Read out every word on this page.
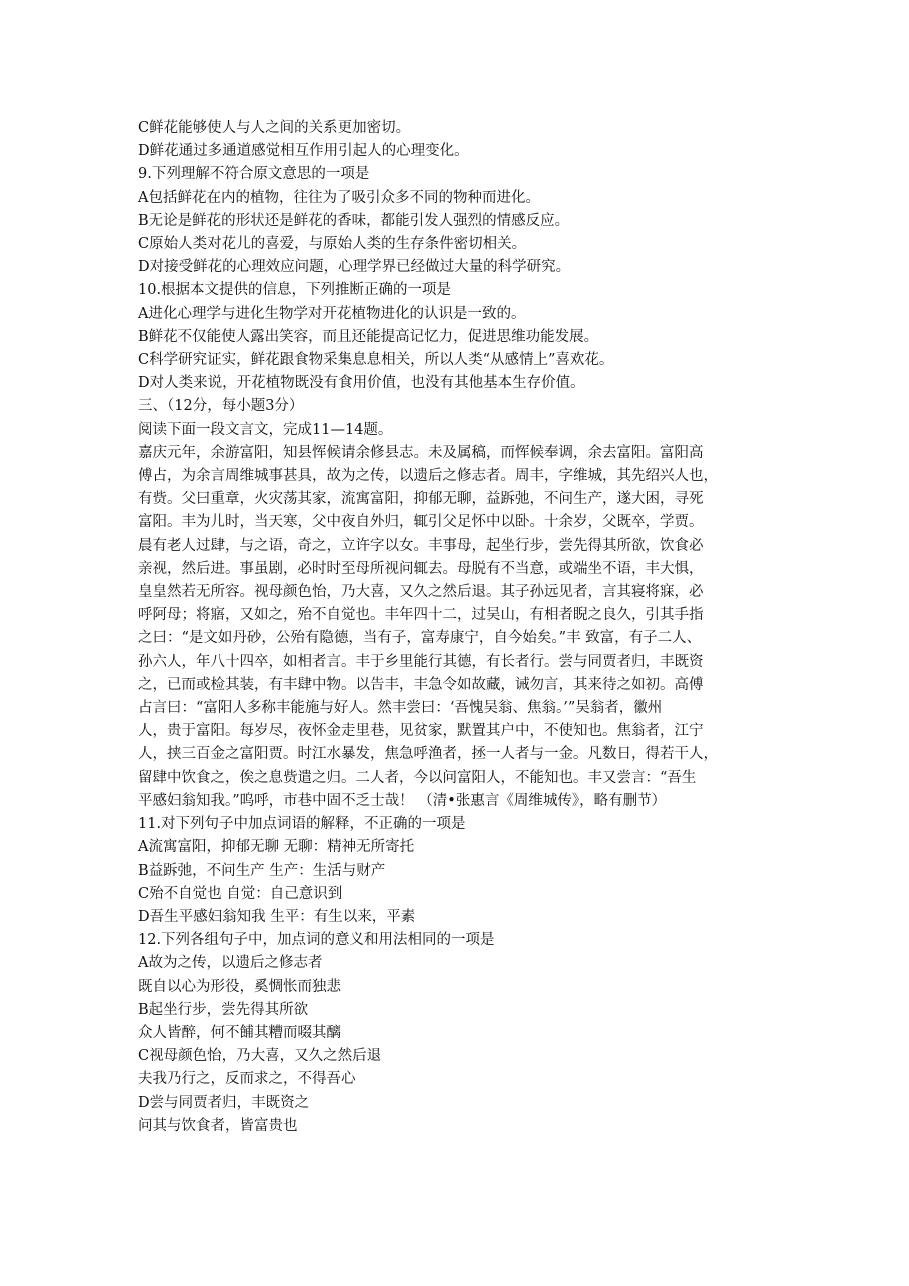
C鲜花能够使人与人之间的关系更加密切。
D鲜花通过多通道感觉相互作用引起人的心理变化。
9.下列理解不符合原文意思的一项是
A包括鲜花在内的植物，往往为了吸引众多不同的物种而进化。
B无论是鲜花的形状还是鲜花的香味，都能引发人强烈的情感反应。
C原始人类对花儿的喜爱，与原始人类的生存条件密切相关。
D对接受鲜花的心理效应问题，心理学界已经做过大量的科学研究。
10.根据本文提供的信息，下列推断正确的一项是
A进化心理学与进化生物学对开花植物进化的认识是一致的。
B鲜花不仅能使人露出笑容，而且还能提高记忆力，促进思维功能发展。
C科学研究证实，鲜花跟食物采集息息相关，所以人类“从感情上”喜欢花。
D对人类来说，开花植物既没有食用价值，也没有其他基本生存价值。
三、（12分，每小题3分）
阅读下面一段文言文，完成11—14题。
嘉庆元年，余游富阳，知县恽候请余修县志。未及属稿，而恽候奉调，余去富阳。富阳高
傅占，为余言周维城事甚具，故为之传，以遗后之修志者。周丰，字维城，其先绍兴人也，
有赀。父曰重章，火灾荡其家，流寓富阳，抑郁无聊，益跅弛，不问生产，遂大困，寻死
富阳。丰为儿时，当天寒，父中夜自外归，辄引父足怀中以卧。十余岁，父既卒，学贾。
晨有老人过肆，与之语，奇之，立许字以女。丰事母，起坐行步，尝先得其所欲，饮食必
亲视，然后进。事虽剧，必时时至母所视问辄去。母脱有不当意，或端坐不语，丰大惧，
皇皇然若无所容。视母颜色怡，乃大喜，又久之然后退。其子孙远见者，言其寝将寐，必
呼阿母；将寤，又如之，殆不自觉也。丰年四十二，过吴山，有相者睨之良久，引其手指
之曰：“是文如丹砂，公殆有隐德，当有子，富寿康宁，自今始矣。”丰 致富，有子二人、
孙六人，年八十四卒，如相者言。丰于乡里能行其德，有长者行。尝与同贾者归，丰既资
之，已而或检其装，有丰肆中物。以告丰，丰急令如故藏，诫勿言，其来待之如初。高傅
占言曰：“富阳人多称丰能施与好人。然丰尝曰：‘吾愧吴翁、焦翁。’”吴翁者，徽州
人，贵于富阳。每岁尽，夜怀金走里巷，见贫家，默置其户中，不使知也。焦翁者，江宁
人，挟三百金之富阳贾。时江水暴发，焦急呼渔者，拯一人者与一金。凡数日，得若干人，
留肆中饮食之，俟之息赀遣之归。二人者，今以问富阳人，不能知也。丰又尝言：“吾生
平感妇翁知我。”呜呼，市巷中固不乏士哉！ （清•张惠言《周维城传》，略有删节）
11.对下列句子中加点词语的解释，不正确的一项是
A流寓富阳，抑郁无聊 无聊：精神无所寄托
B益跅弛，不问生产 生产：生活与财产
C殆不自觉也 自觉：自己意识到
D吾生平感妇翁知我 生平：有生以来，平素
12.下列各组句子中，加点词的意义和用法相同的一项是
A故为之传，以遗后之修志者
既自以心为形役，奚惆怅而独悲
B起坐行步，尝先得其所欲
众人皆醉，何不餔其糟而啜其醨
C视母颜色怡，乃大喜，又久之然后退
夫我乃行之，反而求之，不得吾心
D尝与同贾者归，丰既资之
问其与饮食者，皆富贵也
